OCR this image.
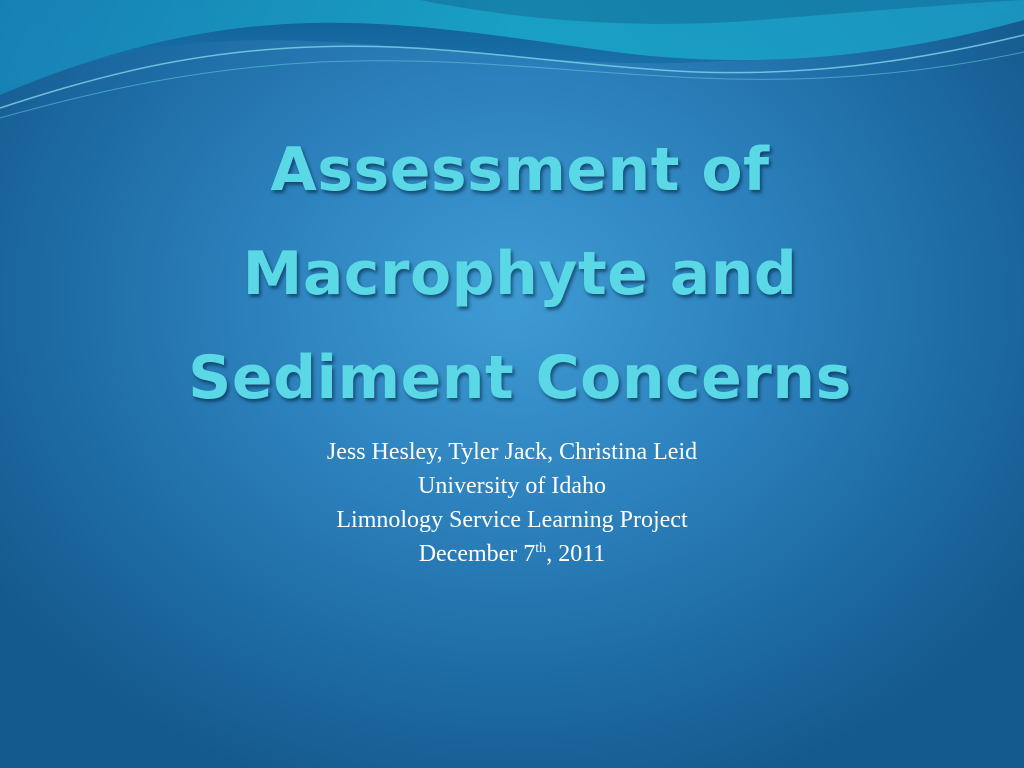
Assessment of
Macrophyte and
Sediment Concerns
Jess Hesley, Tyler Jack, Christina Leid
University of Idaho
Limnology Service Learning Project
December 7th, 2011
